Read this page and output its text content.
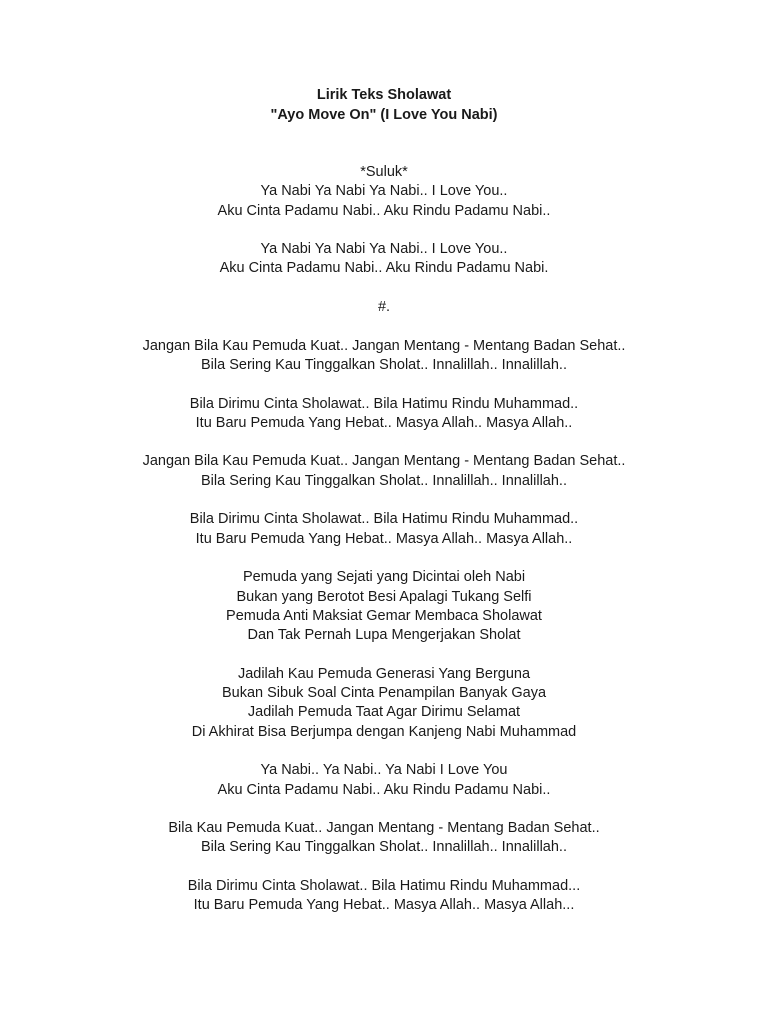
Lirik Teks Sholawat
"Ayo Move On" (I Love You Nabi)
*Suluk*
Ya Nabi Ya Nabi Ya Nabi.. I Love You..
Aku Cinta Padamu Nabi.. Aku Rindu Padamu Nabi..
Ya Nabi Ya Nabi Ya Nabi.. I Love You..
Aku Cinta Padamu Nabi.. Aku Rindu Padamu Nabi.
#.
Jangan Bila Kau Pemuda Kuat.. Jangan Mentang - Mentang Badan Sehat..
Bila Sering Kau Tinggalkan Sholat.. Innalillah.. Innalillah..
Bila Dirimu Cinta Sholawat.. Bila Hatimu Rindu Muhammad..
Itu Baru Pemuda Yang Hebat.. Masya Allah.. Masya Allah..
Jangan Bila Kau Pemuda Kuat.. Jangan Mentang - Mentang Badan Sehat..
Bila Sering Kau Tinggalkan Sholat.. Innalillah.. Innalillah..
Bila Dirimu Cinta Sholawat.. Bila Hatimu Rindu Muhammad..
Itu Baru Pemuda Yang Hebat.. Masya Allah.. Masya Allah..
Pemuda yang Sejati yang Dicintai oleh Nabi
Bukan yang Berotot Besi Apalagi Tukang Selfi
Pemuda Anti Maksiat Gemar Membaca Sholawat
Dan Tak Pernah Lupa Mengerjakan Sholat
Jadilah Kau Pemuda Generasi Yang Berguna
Bukan Sibuk Soal Cinta Penampilan Banyak Gaya
Jadilah Pemuda Taat Agar Dirimu Selamat
Di Akhirat Bisa Berjumpa dengan Kanjeng Nabi Muhammad
Ya Nabi.. Ya Nabi.. Ya Nabi I Love You
Aku Cinta Padamu Nabi.. Aku Rindu Padamu Nabi..
Bila Kau Pemuda Kuat.. Jangan Mentang - Mentang Badan Sehat..
Bila Sering Kau Tinggalkan Sholat.. Innalillah.. Innalillah..
Bila Dirimu Cinta Sholawat.. Bila Hatimu Rindu Muhammad...
Itu Baru Pemuda Yang Hebat.. Masya Allah.. Masya Allah...
